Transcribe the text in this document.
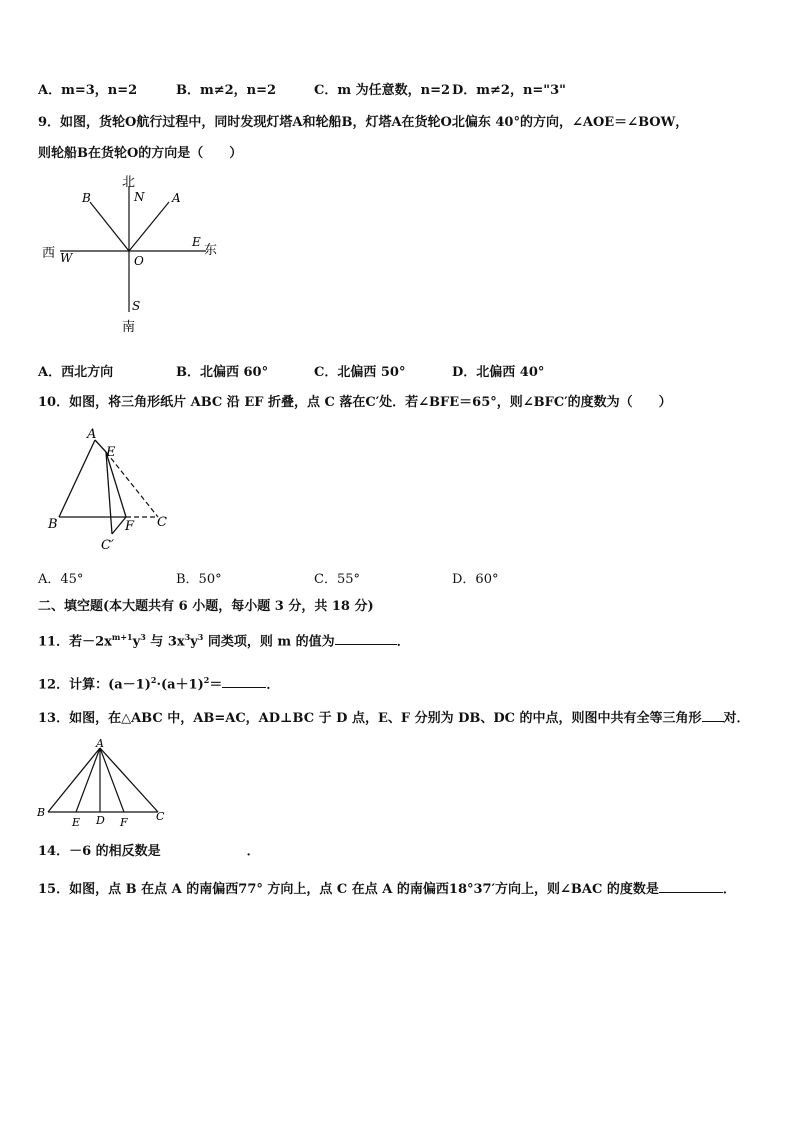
A．m=3，n=2	B．m≠2，n=2	C．m 为任意数，n=2 D．m≠2，n="3"
9．如图，货轮O航行过程中，同时发现灯塔A和轮船B，灯塔A在货轮O北偏东 40°的方向，∠AOE＝∠BOW，
则轮船B在货轮O的方向是（　　）
北
N A
B
E
东
西 W	O
S
南
A．西北方向	B．北偏西 60°	C．北偏西 50°	D．北偏西 40°
10．如图，将三角形纸片 ABC 沿 EF 折叠，点 C 落在C′处．若∠BFE＝65°，则∠BFC′的度数为（　　）
A
E
B	F C
C′
A．45°	B．50°	C．55°	D．60°
二、填空题(本大题共有 6 小题，每小题 3 分，共 18 分)
11．若$-2x^{m+1}y^3$ 与 $3x^3y^3$ 同类项，则 m 的值为	．
12．计算：$(a-1)^2\cdot(a+1)^2=$	．
13．如图，在△ABC 中，AB=AC，AD⊥BC 于 D 点，E、F 分别为 DB、DC 的中点，则图中共有全等三角形 对．
A
B	C
E D F
14．－6 的相反数是	．
15．如图，点 B 在点 A 的南偏西77° 方向上，点 C 在点 A 的南偏西18°37′方向上，则∠BAC 的度数是	．
